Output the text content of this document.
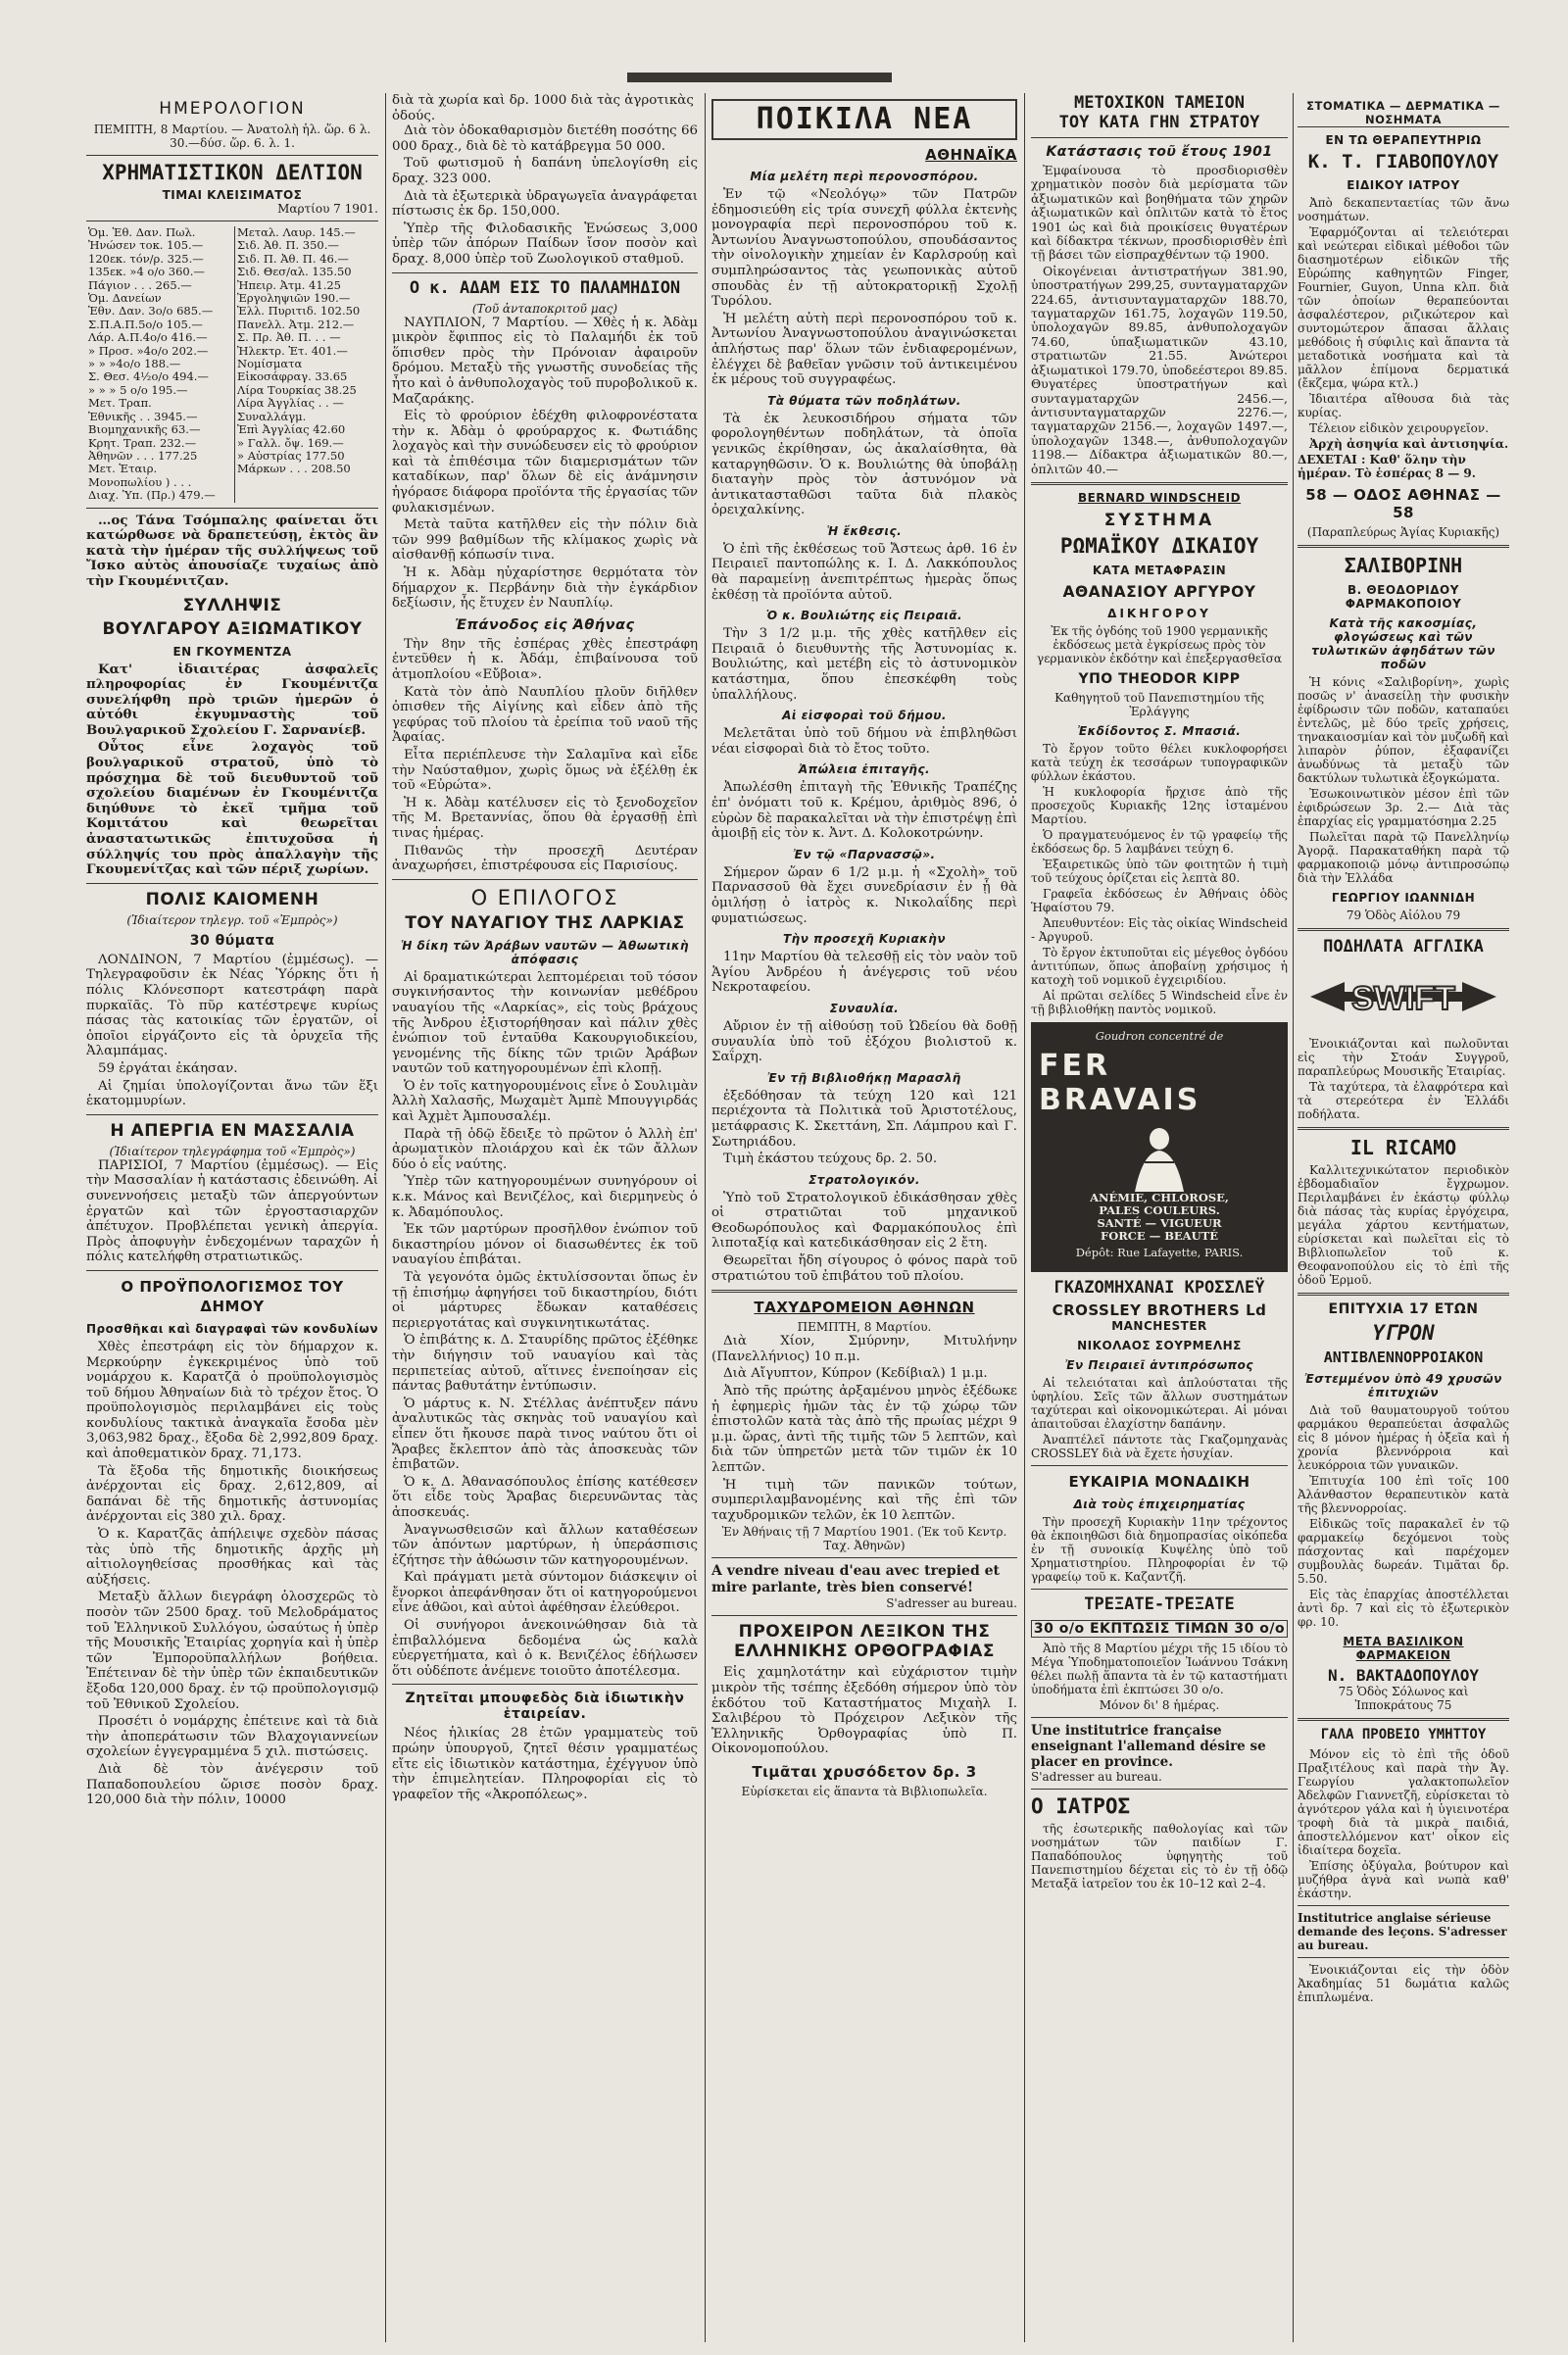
ΗΜΕΡΟΛΟΓΙΟΝ
ΠΕΜΠΤΗ, 8 Μαρτίου. — Ἀνατολὴ ἡλ. ὥρ. 6 λ. 30.—δύσ. ὥρ. 6. λ. 1.
ΧΡΗΜΑΤΙΣΤΙΚΟΝ ΔΕΛΤΙΟΝ
ΤΙΜΑΙ ΚΛΕΙΣΙΜΑΤΟΣ
Μαρτίου 7 1901.
Ὁμ. Ἐθ. Δαν. Πωλ.	Μεταλ. Λαυρ. 145.—
Ἠνώσεν τοκ. 105.—	Σιδ. Ἀθ. Π. 350.—
120εκ. τόν/ρ. 325.—	Σιδ. Π. Ἀθ. Π. 46.—
135εκ. »4 ο/ο 360.—	Σιδ. Θεσ/αλ. 135.50
Πάγιον . . . 265.—	Ἠπειρ. Ἀτμ. 41.25
Ὁμ. Δανείων	Ἐργοληψιῶν 190.—
Ἐθν. Δαν. 3ο/ο 685.—	Ἑλλ. Πυριτιδ. 102.50
Σ.Π.Α.Π.5ο/ο 105.—	Πανελλ. Ἀτμ. 212.—
Λάρ. Α.Π.4ο/ο 416.—	Σ. Πρ. Ἀθ. Π. . . —
» Προσ. »4ο/ο 202.—	Ἠλεκτρ. Ἑτ. 401.—
» » »4ο/ο 188.—	Νομίσματα
Σ. Θεσ. 4½ο/ο 494.—	Εἰκοσάφραγ. 33.65
» » » 5 ο/ο 195.—	Λίρα Τουρκίας 38.25
Μετ. Τραπ.	Λίρα Ἀγγλίας . . —
Ἐθνικῆς . . 3945.—	Συναλλάγμ.
Βιομηχανικῆς 63.—	Ἐπὶ Ἀγγλίας 42.60
Κρητ. Τραπ. 232.—	» Γαλλ. ὄψ. 169.—
Ἀθηνῶν . . . 177.25	» Αὐστρίας 177.50
Μετ. Ἑταιρ.	Μάρκων . . . 208.50
Μονοπωλίου ) . . .	
Διαχ. Ὑπ. (Πρ.) 479.—	

…ος Τάνα Τσόμπαλης φαίνεται ὅτι κατώρθωσε νὰ δραπετεύσῃ, ἐκτὸς ἂν κατὰ τὴν ἡμέραν τῆς συλλήψεως τοῦ Ἴσκο αὐτὸς ἀπουσίαζε τυχαίως ἀπὸ τὴν Γκουμένιτζαν.

ΣΥΛΛΗΨΙΣ
ΒΟΥΛΓΑΡΟΥ ΑΞΙΩΜΑΤΙΚΟΥ
ΕΝ ΓΚΟΥΜΕΝΤΖΑ

Κατ' ἰδιαιτέρας ἀσφαλεῖς πληροφορίας ἐν Γκουμένιτζα συνελήφθη πρὸ τριῶν ἡμερῶν ὁ αὐτόθι ἐκγυμναστὴς τοῦ Βουλγαρικοῦ Σχολείου Γ. Σαρνανίεβ.

Οὗτος εἶνε λοχαγὸς τοῦ βουλγαρικοῦ στρατοῦ, ὑπὸ τὸ πρόσχημα δὲ τοῦ διευθυντοῦ τοῦ σχολείου διαμένων ἐν Γκουμένιτζα διηύθυνε τὸ ἐκεῖ τμῆμα τοῦ Κομιτάτου καὶ θεωρεῖται ἀναστατωτικῶς ἐπιτυχοῦσα ἡ σύλληψίς του πρὸς ἀπαλλαγὴν τῆς Γκουμενίτζας καὶ τῶν πέριξ χωρίων.

ΠΟΛΙΣ ΚΑΙΟΜΕΝΗ
(Ἰδιαίτερον τηλεγρ. τοῦ «Ἐμπρὸς»)
30 θύματα

ΛΟΝΔΙΝΟΝ, 7 Μαρτίου (ἐμμέσως). — Τηλεγραφοῦσιν ἐκ Νέας Ὑόρκης ὅτι ἡ πόλις Κλόνεσπορτ κατεστράφη παρὰ πυρκαϊᾶς. Τὸ πῦρ κατέστρεψε κυρίως πάσας τὰς κατοικίας τῶν ἐργατῶν, οἱ ὁποῖοι εἰργάζοντο εἰς τὰ ὀρυχεῖα τῆς Ἀλαμπάμας.

59 ἐργάται ἐκάησαν.

Αἱ ζημίαι ὑπολογίζονται ἄνω τῶν ἕξι ἑκατομμυρίων.

Η ΑΠΕΡΓΙΑ ΕΝ ΜΑΣΣΑΛΙΑ
(Ἰδιαίτερον τηλεγράφημα τοῦ «Ἐμπρὸς»)

ΠΑΡΙΣΙΟΙ, 7 Μαρτίου (ἐμμέσως). — Εἰς τὴν Μασσαλίαν ἡ κατάστασις ἐδεινώθη. Αἱ συνεννοήσεις μεταξὺ τῶν ἀπεργούντων ἐργατῶν καὶ τῶν ἐργοστασιαρχῶν ἀπέτυχον. Προβλέπεται γενικὴ ἀπεργία. Πρὸς ἀποφυγὴν ἐνδεχομένων ταραχῶν ἡ πόλις κατελήφθη στρατιωτικῶς.

Ο ΠΡΟΫΠΟΛΟΓΙΣΜΟΣ ΤΟΥ ΔΗΜΟΥ
Προσθῆκαι καὶ διαγραφαὶ τῶν κονδυλίων

Χθὲς ἐπεστράφη εἰς τὸν δήμαρχον κ. Μερκούρην ἐγκεκριμένος ὑπὸ τοῦ νομάρχου κ. Καρατζᾶ ὁ προϋπολογισμὸς τοῦ δήμου Ἀθηναίων διὰ τὸ τρέχον ἔτος. Ὁ προϋπολογισμὸς περιλαμβάνει εἰς τοὺς κονδυλίους τακτικὰ ἀναγκαῖα ἔσοδα μὲν 3,063,982 δραχ., ἔξοδα δὲ 2,992,809 δραχ. καὶ ἀποθεματικὸν δραχ. 71,173.

Τὰ ἔξοδα τῆς δημοτικῆς διοικήσεως ἀνέρχονται εἰς δραχ. 2,612,809, αἱ δαπάναι δὲ τῆς δημοτικῆς ἀστυνομίας ἀνέρχονται εἰς 380 χιλ. δραχ.

Ὁ κ. Καρατζᾶς ἀπήλειψε σχεδὸν πάσας τὰς ὑπὸ τῆς δημοτικῆς ἀρχῆς μὴ αἰτιολογηθείσας προσθήκας καὶ τὰς αὐξήσεις.

Μεταξὺ ἄλλων διεγράφη ὁλοσχερῶς τὸ ποσὸν τῶν 2500 δραχ. τοῦ Μελοδράματος τοῦ Ἑλληνικοῦ Συλλόγου, ὡσαύτως ἡ ὑπὲρ τῆς Μουσικῆς Ἑταιρίας χορηγία καὶ ἡ ὑπὲρ τῶν Ἐμποροϋπαλλήλων βοήθεια. Ἐπέτειναν δὲ τὴν ὑπὲρ τῶν ἐκπαιδευτικῶν ἔξοδα 120,000 δραχ. ἐν τῷ προϋπολογισμῷ τοῦ Ἐθνικοῦ Σχολείου.

Προσέτι ὁ νομάρχης ἐπέτεινε καὶ τὰ διὰ τὴν ἀποπεράτωσιν τῶν Βλαχογιαννείων σχολείων ἐγγεγραμμένα 5 χιλ. πιστώσεις.

Διὰ δὲ τὸν ἀνέγερσιν τοῦ Παπαδοπουλείου ὥρισε ποσὸν δραχ. 120,000 διὰ τὴν πόλιν, 10000

διὰ τὰ χωρία καὶ δρ. 1000 διὰ τὰς ἀγροτικὰς ὁδούς.

Διὰ τὸν ὁδοκαθαρισμὸν διετέθη ποσότης 66 000 δραχ., διὰ δὲ τὸ κατάβρεγμα 50 000.

Τοῦ φωτισμοῦ ἡ δαπάνη ὑπελογίσθη εἰς δραχ. 323 000.

Διὰ τὰ ἐξωτερικὰ ὑδραγωγεῖα ἀναγράφεται πίστωσις ἐκ δρ. 150,000.

Ὑπὲρ τῆς Φιλοδασικῆς Ἑνώσεως 3,000 ὑπὲρ τῶν ἀπόρων Παίδων ἴσον ποσὸν καὶ δραχ. 8,000 ὑπὲρ τοῦ Ζωολογικοῦ σταθμοῦ.

Ο κ. ΑΔΑΜ ΕΙΣ ΤΟ ΠΑΛΑΜΗΔΙΟΝ
(Τοῦ ἀνταποκριτοῦ μας)

ΝΑΥΠΛΙΟΝ, 7 Μαρτίου. — Χθὲς ἡ κ. Ἀδὰμ μικρὸν ἔφιππος εἰς τὸ Παλαμήδι ἐκ τοῦ ὅπισθεν πρὸς τὴν Πρόνοιαν ἀφαιροῦν δρόμου. Μεταξὺ τῆς γνωστῆς συνοδείας τῆς ἦτο καὶ ὁ ἀνθυπολοχαγὸς τοῦ πυροβολικοῦ κ. Μαζαράκης.

Εἰς τὸ φρούριον ἐδέχθη φιλοφρονέστατα τὴν κ. Ἀδὰμ ὁ φρούραρχος κ. Φωτιάδης λοχαγὸς καὶ τὴν συνώδευσεν εἰς τὸ φρούριον καὶ τὰ ἐπιθέσιμα τῶν διαμερισμάτων τῶν καταδίκων, παρ' ὅλων δὲ εἰς ἀνάμνησιν ἠγόρασε διάφορα προϊόντα τῆς ἐργασίας τῶν φυλακισμένων.

Μετὰ ταῦτα κατῆλθεν εἰς τὴν πόλιν διὰ τῶν 999 βαθμίδων τῆς κλίμακος χωρὶς νὰ αἰσθανθῇ κόπωσίν τινα.

Ἡ κ. Ἀδὰμ ηὐχαρίστησε θερμότατα τὸν δήμαρχον κ. Περβάνην διὰ τὴν ἐγκάρδιον δεξίωσιν, ἧς ἔτυχεν ἐν Ναυπλίῳ.

Ἐπάνοδος εἰς Ἀθήνας

Τὴν 8ην τῆς ἐσπέρας χθὲς ἐπεστράφη ἐντεῦθεν ἡ κ. Ἀδάμ, ἐπιβαίνουσα τοῦ ἀτμοπλοίου «Εὔβοια».

Κατὰ τὸν ἀπὸ Ναυπλίου πλοῦν διῆλθεν ὀπισθεν τῆς Αἰγίνης καὶ εἶδεν ἀπὸ τῆς γεφύρας τοῦ πλοίου τὰ ἐρείπια τοῦ ναοῦ τῆς Ἀφαίας.

Εἶτα περιέπλευσε τὴν Σαλαμῖνα καὶ εἶδε τὴν Ναύσταθμον, χωρὶς ὅμως νὰ ἐξέλθῃ ἐκ τοῦ «Εὐρώτα».

Ἡ κ. Ἀδὰμ κατέλυσεν εἰς τὸ ξενοδοχεῖον τῆς Μ. Βρεταννίας, ὅπου θὰ ἐργασθῇ ἐπὶ τινας ἡμέρας.

Πιθανῶς τὴν προσεχῆ Δευτέραν ἀναχωρήσει, ἐπιστρέφουσα εἰς Παρισίους.

Ο ΕΠΙΛΟΓΟΣ
ΤΟΥ ΝΑΥΑΓΙΟΥ ΤΗΣ ΛΑΡΚΙΑΣ
Ἡ δίκη τῶν Ἀράβων ναυτῶν — Ἀθωωτικὴ ἀπόφασις

Αἱ δραματικώτεραι λεπτομέρειαι τοῦ τόσον συγκινήσαντος τὴν κοινωνίαν μεθέδρου ναυαγίου τῆς «Λαρκίας», εἰς τοὺς βράχους τῆς Ἀνδρου ἐξιστορήθησαν καὶ πάλιν χθὲς ἐνώπιον τοῦ ἐνταῦθα Κακουργιοδικείου, γενομένης τῆς δίκης τῶν τριῶν Ἀράβων ναυτῶν τοῦ κατηγορουμένων ἐπὶ κλοπῇ.

Ὁ ἐν τοῖς κατηγορουμένοις εἶνε ὁ Σουλιμὰν Ἀλλὴ Χαλασῆς, Μωχαμὲτ Ἀμπὲ Μπουγγιρδάς καὶ Ἀχμὲτ Ἀμπουσαλέμ.

Παρὰ τῇ ὁδῷ ἔδειξε τὸ πρῶτον ὁ Ἀλλὴ ἐπ' ἀρωματικὸν πλοιάρχου καὶ ἐκ τῶν ἄλλων δύο ὁ εἷς ναύτης.

Ὑπὲρ τῶν κατηγορουμένων συνηγόρουν οἱ κ.κ. Μάνος καὶ Βενιζέλος, καὶ διερμηνεὺς ὁ κ. Ἀδαμόπουλος.

Ἐκ τῶν μαρτύρων προσῆλθον ἐνώπιον τοῦ δικαστηρίου μόνον οἱ διασωθέντες ἐκ τοῦ ναυαγίου ἐπιβάται.

Τὰ γεγονότα ὁμῶς ἐκτυλίσσονται ὅπως ἐν τῇ ἐπισήμῳ ἀφηγήσει τοῦ δικαστηρίου, διότι οἱ μάρτυρες ἔδωκαν καταθέσεις περιεργοτάτας καὶ συγκινητικωτάτας.

Ὁ ἐπιβάτης κ. Δ. Σταυρίδης πρῶτος ἐξέθηκε τὴν διήγησιν τοῦ ναυαγίου καὶ τὰς περιπετείας αὐτοῦ, αἵτινες ἐνεποίησαν εἰς πάντας βαθυτάτην ἐντύπωσιν.

Ὁ μάρτυς κ. Ν. Στέλλας ἀνέπτυξεν πάνυ ἀναλυτικῶς τὰς σκηνὰς τοῦ ναυαγίου καὶ εἶπεν ὅτι ἤκουσε παρὰ τινος ναύτου ὅτι οἱ Ἄραβες ἔκλεπτον ἀπὸ τὰς ἀποσκευὰς τῶν ἐπιβατῶν.

Ὁ κ. Δ. Ἀθανασόπουλος ἐπίσης κατέθεσεν ὅτι εἶδε τοὺς Ἄραβας διερευνῶντας τὰς ἀποσκευάς.

Ἀναγνωσθεισῶν καὶ ἄλλων καταθέσεων τῶν ἀπόντων μαρτύρων, ἡ ὑπεράσπισις ἐζήτησε τὴν ἀθώωσιν τῶν κατηγορουμένων.

Καὶ πράγματι μετὰ σύντομον διάσκεψιν οἱ ἔνορκοι ἀπεφάνθησαν ὅτι οἱ κατηγορούμενοι εἶνε ἀθῶοι, καὶ αὐτοὶ ἀφέθησαν ἐλεύθεροι.

Οἱ συνήγοροι ἀνεκοινώθησαν διὰ τὰ ἐπιβαλλόμενα δεδομένα ὡς καλὰ εὐεργετήματα, καὶ ὁ κ. Βενιζέλος ἐδήλωσεν ὅτι οὐδέποτε ἀνέμενε τοιοῦτο ἀποτέλεσμα.

Ζητεῖται μπουφεδὸς διὰ ἰδιωτικὴν ἑταιρείαν.

Νέος ἡλικίας 28 ἐτῶν γραμματεὺς τοῦ πρώην ὑπουργοῦ, ζητεῖ θέσιν γραμματέως εἴτε εἰς ἰδιωτικὸν κατάστημα, ἐχέγγυον ὑπὸ τὴν ἐπιμελητείαν. Πληροφορίαι εἰς τὸ γραφεῖον τῆς «Ἀκροπόλεως».

ΠΟΙΚΙΛΑ ΝΕΑ
ΑΘΗΝΑΪΚΑ
Μία μελέτη περὶ περονοσπόρου.

Ἐν τῷ «Νεολόγῳ» τῶν Πατρῶν ἐδημοσιεύθη εἰς τρία συνεχῆ φύλλα ἐκτενὴς μονογραφία περὶ περονοσπόρου τοῦ κ. Ἀντωνίου Ἀναγνωστοπούλου, σπουδάσαντος τὴν οἰνολογικὴν χημείαν ἐν Καρλσρούῃ καὶ συμπληρώσαντος τὰς γεωπονικὰς αὐτοῦ σπουδὰς ἐν τῇ αὐτοκρατορικῇ Σχολῇ Τυρόλου.

Ἡ μελέτη αὐτὴ περὶ περονοσπόρου τοῦ κ. Ἀντωνίου Ἀναγνωστοπούλου ἀναγινώσκεται ἀπλήστως παρ' ὅλων τῶν ἐνδιαφερομένων, ἐλέγχει δὲ βαθεῖαν γνῶσιν τοῦ ἀντικειμένου ἐκ μέρους τοῦ συγγραφέως.

Τὰ θύματα τῶν ποδηλάτων.

Τὰ ἐκ λευκοσιδήρου σήματα τῶν φορολογηθέντων ποδηλάτων, τὰ ὁποῖα γενικῶς ἐκρίθησαν, ὡς ἀκαλαίσθητα, θὰ καταργηθῶσιν. Ὁ κ. Βουλιώτης θὰ ὑποβάλῃ διαταγὴν πρὸς τὸν ἀστυνόμον νὰ ἀντικατασταθῶσι ταῦτα διὰ πλακὸς ὀρειχαλκίνης.

Ἡ ἔκθεσις.

Ὁ ἐπὶ τῆς ἐκθέσεως τοῦ Ἄστεως ἀρθ. 16 ἐν Πειραιεῖ παντοπώλης κ. Ι. Δ. Λακκόπουλος θὰ παραμείνῃ ἀνεπιτρέπτως ἡμερὰς ὅπως ἐκθέσῃ τὰ προϊόντα αὐτοῦ.

Ὁ κ. Βουλιώτης εἰς Πειραιᾶ.

Τὴν 3 1/2 μ.μ. τῆς χθὲς κατῆλθεν εἰς Πειραιᾶ ὁ διευθυντὴς τῆς Ἀστυνομίας κ. Βουλιώτης, καὶ μετέβη εἰς τὸ ἀστυνομικὸν κατάστημα, ὅπου ἐπεσκέφθη τοὺς ὑπαλλήλους.

Αἱ εἰσφοραὶ τοῦ δήμου.

Μελετᾶται ὑπὸ τοῦ δήμου νὰ ἐπιβληθῶσι νέαι εἰσφοραὶ διὰ τὸ ἔτος τοῦτο.

Ἀπώλεια ἐπιταγῆς.

Ἀπωλέσθη ἐπιταγὴ τῆς Ἐθνικῆς Τραπέζης ἐπ' ὀνόματι τοῦ κ. Κρέμου, ἀριθμὸς 896, ὁ εὑρὼν δὲ παρακαλεῖται νὰ τὴν ἐπιστρέψῃ ἐπὶ ἀμοιβῇ εἰς τὸν κ. Ἀντ. Δ. Κολοκοτρώνην.

Ἐν τῷ «Παρνασσῷ».

Σήμερον ὥραν 6 1/2 μ.μ. ἡ «Σχολὴ» τοῦ Παρνασσοῦ θὰ ἔχει συνεδρίασιν ἐν ᾗ θὰ ὁμιλήσῃ ὁ ἰατρὸς κ. Νικολαΐδης περὶ φυματιώσεως.

Τὴν προσεχῆ Κυριακὴν

11ην Μαρτίου θὰ τελεσθῇ εἰς τὸν ναὸν τοῦ Ἁγίου Ἀνδρέου ἡ ἀνέγερσις τοῦ νέου Νεκροταφείου.

Συναυλία.

Αὔριον ἐν τῇ αἰθούσῃ τοῦ Ὠδείου θὰ δοθῇ συναυλία ὑπὸ τοῦ ἐξόχου βιολιστοῦ κ. Σαΐρχη.

Ἐν τῇ Βιβλιοθήκῃ Μαρασλῆ

ἐξεδόθησαν τὰ τεύχη 120 καὶ 121 περιέχοντα τὰ Πολιτικὰ τοῦ Ἀριστοτέλους, μετάφρασις Κ. Σκεττάνη, Σπ. Λάμπρου καὶ Γ. Σωτηριάδου.

Τιμὴ ἑκάστου τεύχους δρ. 2. 50.

Στρατολογικόν.

Ὑπὸ τοῦ Στρατολογικοῦ ἐδικάσθησαν χθὲς οἱ στρατιῶται τοῦ μηχανικοῦ Θεοδωρόπουλος καὶ Φαρμακόπουλος ἐπὶ λιποταξίᾳ καὶ κατεδικάσθησαν εἰς 2 ἔτη.

Θεωρεῖται ἤδη σίγουρος ὁ φόνος παρὰ τοῦ στρατιώτου τοῦ ἐπιβάτου τοῦ πλοίου.

ΤΑΧΥΔΡΟΜΕΙΟΝ ΑΘΗΝΩΝ
ΠΕΜΠΤΗ, 8 Μαρτίου.

Διὰ Χίον, Σμύρνην, Μιτυλήνην (Πανελλήνιος) 10 π.μ.

Διὰ Αἴγυπτον, Κύπρον (Κεδίβιαλ) 1 μ.μ.

Ἀπὸ τῆς πρώτης ἀρξαμένου μηνὸς ἐξέδωκε ἡ ἐφημερὶς ἡμῶν τὰς ἐν τῷ χώρῳ τῶν ἐπιστολῶν κατὰ τὰς ἀπὸ τῆς πρωίας μέχρι 9 μ.μ. ὥρας, ἀντὶ τῆς τιμῆς τῶν 5 λεπτῶν, καὶ διὰ τῶν ὑπηρετῶν μετὰ τῶν τιμῶν ἐκ 10 λεπτῶν.

Ἡ τιμὴ τῶν πανικῶν τούτων, συμπεριλαμβανομένης καὶ τῆς ἐπὶ τῶν ταχυδρομικῶν τελῶν, ἐκ 10 λεπτῶν.

Ἐν Ἀθήναις τῇ 7 Μαρτίου 1901. (Ἐκ τοῦ Κεντρ. Ταχ. Ἀθηνῶν)

A vendre niveau d'eau avec trepied et mire parlante, très bien conservé!

S'adresser au bureau.

ΠΡΟΧΕΙΡΟΝ ΛΕΞΙΚΟΝ ΤΗΣ ΕΛΛΗΝΙΚΗΣ ΟΡΘΟΓΡΑΦΙΑΣ

Εἰς χαμηλοτάτην καὶ εὐχάριστον τιμὴν μικρὸν τῆς τσέπης ἐξεδόθη σήμερον ὑπὸ τὸν ἑκδότου τοῦ Καταστήματος Μιχαὴλ Ι. Σαλιβέρου τὸ Πρόχειρον Λεξικὸν τῆς Ἑλληνικῆς Ὀρθογραφίας ὑπὸ Π. Οἰκονομοπούλου.

Τιμᾶται χρυσόδετον δρ. 3

Εὑρίσκεται εἰς ἅπαντα τὰ Βιβλιοπωλεῖα.

ΜΕΤΟΧΙΚΟΝ ΤΑΜΕΙΟΝ
ΤΟΥ ΚΑΤΑ ΓΗΝ ΣΤΡΑΤΟΥ
Κατάστασις τοῦ ἔτους 1901

Ἐμφαίνουσα τὸ προσδιορισθὲν χρηματικὸν ποσὸν διὰ μερίσματα τῶν ἀξιωματικῶν καὶ βοηθήματα τῶν χηρῶν ἀξιωματικῶν καὶ ὁπλιτῶν κατὰ τὸ ἔτος 1901 ὡς καὶ διὰ προικίσεις θυγατέρων καὶ δίδακτρα τέκνων, προσδιορισθὲν ἐπὶ τῇ βάσει τῶν εἰσπραχθέντων τῷ 1900.

Οἰκογένειαι ἀντιστρατήγων 381.90, ὑποστρατήγων 299,25, συνταγματαρχῶν 224.65, ἀντισυνταγματαρχῶν 188.70, ταγματαρχῶν 161.75, λοχαγῶν 119.50, ὑπολοχαγῶν 89.85, ἀνθυπολοχαγῶν 74.60, ὑπαξιωματικῶν 43.10, στρατιωτῶν 21.55. Ἀνώτεροι ἀξιωματικοὶ 179.70, ὑποδεέστεροι 89.85. Θυγατέρες ὑποστρατήγων καὶ συνταγματαρχῶν 2456.—, ἀντισυνταγματαρχῶν 2276.—, ταγματαρχῶν 2156.—, λοχαγῶν 1497.—, ὑπολοχαγῶν 1348.—, ἀνθυπολοχαγῶν 1198.— Δίδακτρα ἀξιωματικῶν 80.—, ὁπλιτῶν 40.—

BERNARD WINDSCHEID
ΣΥΣΤΗΜΑ
ΡΩΜΑΪΚΟΥ ΔΙΚΑΙΟΥ
ΚΑΤΑ ΜΕΤΑΦΡΑΣΙΝ
ΑΘΑΝΑΣΙΟΥ ΑΡΓΥΡΟΥ
ΔΙΚΗΓΟΡΟΥ

Ἐκ τῆς ὀγδόης τοῦ 1900 γερμανικῆς ἐκδόσεως μετὰ ἐγκρίσεως πρὸς τὸν γερμανικὸν ἐκδότην καὶ ἐπεξεργασθεῖσα

ΥΠΟ THEODOR KIPP

Καθηγητοῦ τοῦ Πανεπιστημίου τῆς Ἐρλάγγης

Ἐκδίδοντος Σ. Μπασιά.

Τὸ ἔργον τοῦτο θέλει κυκλοφορήσει κατὰ τεύχη ἐκ τεσσάρων τυπογραφικῶν φύλλων ἑκάστου.

Ἡ κυκλοφορία ἤρχισε ἀπὸ τῆς προσεχοῦς Κυριακῆς 12ης ἰσταμένου Μαρτίου.

Ὁ πραγματευόμενος ἐν τῷ γραφείῳ τῆς ἐκδόσεως δρ. 5 λαμβάνει τεύχη 6.

Ἐξαιρετικῶς ὑπὸ τῶν φοιτητῶν ἡ τιμὴ τοῦ τεύχους ὁρίζεται εἰς λεπτὰ 80.

Γραφεῖα ἐκδόσεως ἐν Ἀθήναις ὁδὸς Ἡφαίστου 79.

Ἀπευθυντέον: Εἰς τὰς οἰκίας Windscheid - Ἀργυροῦ.

Τὸ ἔργον ἐκτυποῦται εἰς μέγεθος ὀγδόου ἀντιτύπων, ὅπως ἀποβαίνῃ χρήσιμος ἡ κατοχὴ τοῦ νομικοῦ ἐγχειριδίου.

Αἱ πρῶται σελίδες 5 Windscheid εἶνε ἐν τῇ βιβλιοθήκῃ παντὸς νομικοῦ.

Goudron concentré de
FER BRAVAIS
ANÉMIE, CHLOROSE,
PALES COULEURS.
SANTÉ — VIGUEUR
FORCE — BEAUTÉ
Dépôt: Rue Lafayette, PARIS.
ΓΚΑΖΟΜΗΧΑΝΑΙ ΚΡΟΣΣΛΕΫ
CROSSLEY BROTHERS Ld
MANCHESTER
ΝΙΚΟΛΑΟΣ ΣΟΥΡΜΕΛΗΣ
Ἐν Πειραιεῖ ἀντιπρόσωπος

Αἱ τελειόταται καὶ ἁπλούσταται τῆς ὑφηλίου. Σεῖς τῶν ἄλλων συστημάτων ταχύτεραι καὶ οἰκονομικώτεραι. Αἱ μόναι ἀπαιτοῦσαι ἐλαχίστην δαπάνην.

Ἀναπτέλεῖ πάντοτε τὰς Γκαζομηχανὰς CROSSLEY διὰ νὰ ἔχετε ἡσυχίαν.

ΕΥΚΑΙΡΙΑ ΜΟΝΑΔΙΚΗ
Διὰ τοὺς ἐπιχειρηματίας

Τὴν προσεχῆ Κυριακὴν 11ην τρέχοντος θὰ ἐκποιηθῶσι διὰ δημοπρασίας οἰκόπεδα ἐν τῇ συνοικίᾳ Κυψέλης ὑπὸ τοῦ Χρηματιστηρίου. Πληροφορίαι ἐν τῷ γραφείῳ τοῦ κ. Καζαντζῆ.

ΤΡΕΞΑΤΕ-ΤΡΕΞΑΤΕ
30 ο/ο ΕΚΠΤΩΣΙΣ ΤΙΜΩΝ 30 ο/ο

Ἀπὸ τῆς 8 Μαρτίου μέχρι τῆς 15 ιδίου τὸ Μέγα Ὑποδηματοποιεῖον Ἰωάννου Τσάκνη θέλει πωλῇ ἅπαντα τὰ ἐν τῷ καταστήματι ὑποδήματα ἐπὶ ἐκπτώσει 30 ο/ο.

Μόνον δι' 8 ἡμέρας.

Une institutrice française enseignant l'allemand désire se placer en province.

S'adresser au bureau.

Ο ΙΑΤΡΟΣ

τῆς ἐσωτερικῆς παθολογίας καὶ τῶν νοσημάτων τῶν παιδίων Γ. Παπαδόπουλος ὑφηγητὴς τοῦ Πανεπιστημίου δέχεται εἰς τὸ ἐν τῇ ὁδῷ Μεταξᾶ ἰατρεῖον του ἐκ 10–12 καὶ 2–4.

ΣΤΟΜΑΤΙΚΑ — ΔΕΡΜΑΤΙΚΑ — ΝΟΣΗΜΑΤΑ
ΕΝ ΤΩ ΘΕΡΑΠΕΥΤΗΡΙΩ
Κ. Τ. ΓΙΑΒΟΠΟΥΛΟΥ
ΕΙΔΙΚΟΥ ΙΑΤΡΟΥ

Ἀπὸ δεκαπενταετίας τῶν ἄνω νοσημάτων.

Ἐφαρμόζονται αἱ τελειότεραι καὶ νεώτεραι εἰδικαὶ μέθοδοι τῶν διασημοτέρων εἰδικῶν τῆς Εὐρώπης καθηγητῶν Finger, Fournier, Guyon, Unna κλπ. διὰ τῶν ὁποίων θεραπεύονται ἀσφαλέστερον, ριζικώτερον καὶ συντομώτερον ἅπασαι ἄλλαις μεθόδοις ἡ σύφιλις καὶ ἅπαντα τὰ μεταδοτικὰ νοσήματα καὶ τὰ μᾶλλον ἐπίμονα δερματικά (ἔκζεμα, ψώρα κτλ.)

Ἰδιαιτέρα αἴθουσα διὰ τὰς κυρίας.

Τέλειον εἰδικὸν χειρουργεῖον.

Ἀρχὴ ἀσηψία καὶ ἀντισηψία.

ΔΕΧΕΤΑΙ : Καθ' ὅλην τὴν ἡμέραν. Τὸ ἑσπέρας 8 — 9.

58 — ΟΔΟΣ ΑΘΗΝΑΣ — 58
(Παραπλεύρως Ἁγίας Κυριακῆς)
ΣΑΛΙΒΟΡΙΝΗ
Β. ΘΕΟΔΟΡΙΔΟΥ ΦΑΡΜΑΚΟΠΟΙΟΥ
Κατὰ τῆς κακοσμίας, φλογώσεως καὶ τῶν τυλωτικῶν ἀφηδάτων τῶν ποδῶν

Ἡ κόνις «Σαλιβορίνη», χωρὶς ποσῶς ν' ἀνασείλῃ τὴν φυσικὴν ἐφίδρωσιν τῶν ποδῶν, καταπαύει ἐντελῶς, μὲ δύο τρεῖς χρήσεις, τηνακαιοσμίαν καὶ τὸν μυζωδῆ καὶ λιπαρὸν ῥύπον, ἐξαφανίζει ἀνωδύνως τὰ μεταξὺ τῶν δακτύλων τυλωτικὰ ἐξογκώματα.

Ἐσωκοινωτικὸν μέσον ἐπὶ τῶν ἐφιδρώσεων 3ρ. 2.— Διὰ τὰς ἐπαρχίας εἰς γραμματόσημα 2.25

Πωλεῖται παρὰ τῷ Πανελληνίῳ Ἀγορᾷ. Παρακαταθήκη παρὰ τῷ φαρμακοποιῷ μόνῳ ἀντιπροσώπῳ διὰ τὴν Ἑλλάδα

ΓΕΩΡΓΙΟΥ ΙΩΑΝΝΙΔΗ
79 Ὁδὸς Αἰόλου 79
ΠΟΔΗΛΑΤΑ ΑΓΓΛΙΚΑ
SWIFT

Ἐνοικιάζονται καὶ πωλοῦνται εἰς τὴν Στοάν Συγγροῦ, παραπλεύρως Μουσικῆς Ἑταιρίας.

Τὰ ταχύτερα, τὰ ἐλαφρότερα καὶ τὰ στερεότερα ἐν Ἑλλάδι ποδήλατα.

IL RICAMO

Καλλιτεχνικώτατον περιοδικὸν ἐβδομαδιαῖον ἔγχρωμον. Περιλαμβάνει ἐν ἑκάστῳ φύλλῳ διὰ πάσας τὰς κυρίας ἐργόχειρα, μεγάλα χάρτου κεντήματων, εὑρίσκεται καὶ πωλεῖται εἰς τὸ Βιβλιοπωλεῖον τοῦ κ. Θεοφανοπούλου εἰς τὸ ἐπὶ τῆς ὁδοῦ Ἑρμοῦ.

ΕΠΙΤΥΧΙΑ 17 ΕΤΩΝ
ΥΓΡΟΝ
ΑΝΤΙΒΛΕΝΝΟΡΡΟΙΑΚΟΝ
Ἐστεμμένον ὑπὸ 49 χρυσῶν ἐπιτυχιῶν

Διὰ τοῦ θαυματουργοῦ τούτου φαρμάκου θεραπεύεται ἀσφαλῶς εἰς 8 μόνον ἡμέρας ἡ ὀξεῖα καὶ ἡ χρονία βλεννόρροια καὶ λευκόρροια τῶν γυναικῶν.

Ἐπιτυχία 100 ἐπὶ τοῖς 100 Ἀλάνθαστον θεραπευτικὸν κατὰ τῆς βλεννορροίας.

Εἰδικῶς τοῖς παρακαλεῖ ἐν τῷ φαρμακείῳ δεχόμενοι τοὺς πάσχοντας καὶ παρέχομεν συμβουλὰς δωρεάν. Τιμᾶται δρ. 5.50.

Εἰς τὰς ἐπαρχίας ἀποστέλλεται ἀντὶ δρ. 7 καὶ εἰς τὸ ἐξωτερικὸν φρ. 10.

ΜΕΤΑ ΒΑΣΙΛΙΚΟΝ ΦΑΡΜΑΚΕΙΟΝ
Ν. ΒΑΚΤΑΔΟΠΟΥΛΟΥ
75 Ὁδὸς Σόλωνος καὶ Ἱπποκράτους 75
ΓΑΛΑ ΠΡΟΒΕΙΟ ΥΜΗΤΤΟΥ

Μόνον εἰς τὸ ἐπὶ τῆς ὁδοῦ Πραξιτέλους καὶ παρὰ τὴν Ἁγ. Γεωργίου γαλακτοπωλεῖον Ἀδελφῶν Γιαννετζῆ, εὑρίσκεται τὸ ἀγνότερον γάλα καὶ ἡ ὑγιεινοτέρα τροφὴ διὰ τὰ μικρὰ παιδιά, ἀποστελλόμενον κατ' οἶκον εἰς ἰδιαίτερα δοχεῖα.

Ἐπίσης ὀξύγαλα, βούτυρον καὶ μυζήθρα ἀγνὰ καὶ νωπὰ καθ' ἑκάστην.

Institutrice anglaise sérieuse demande des leçons. S'adresser au bureau.

Ἐνοικιάζονται εἰς τὴν ὁδὸν Ἀκαδημίας 51 δωμάτια καλῶς ἐπιπλωμένα.
